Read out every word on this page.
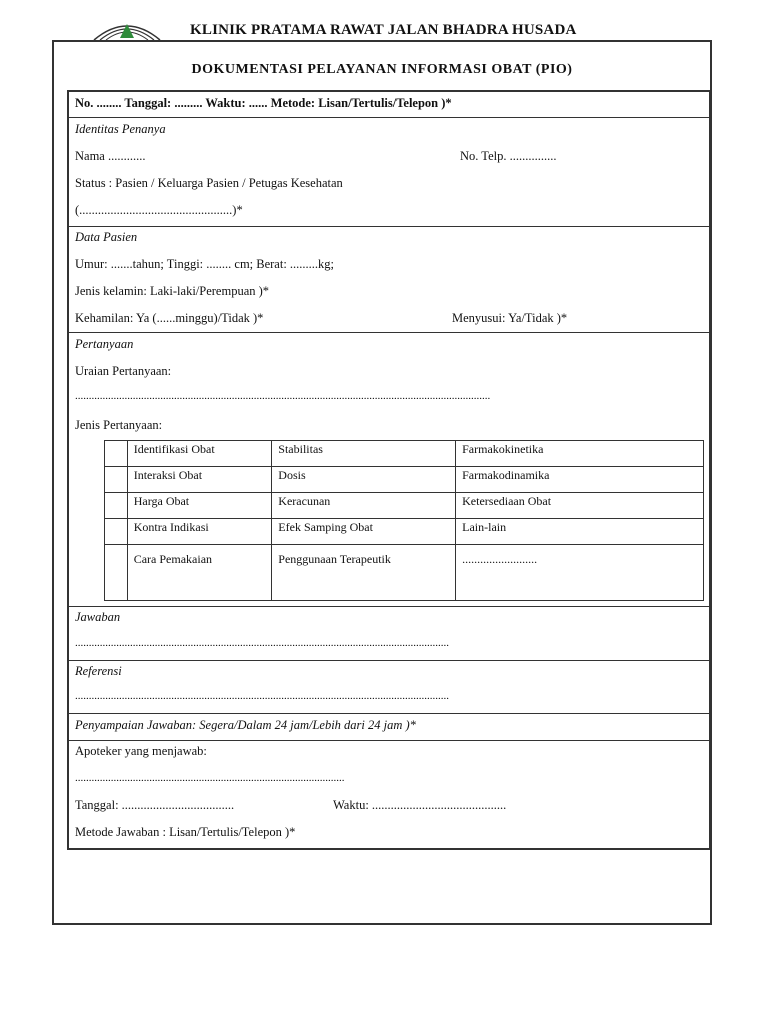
KLINIK PRATAMA RAWAT JALAN BHADRA HUSADA
DOKUMENTASI PELAYANAN INFORMASI OBAT (PIO)
No. ........ Tanggal: ......... Waktu: ...... Metode: Lisan/Tertulis/Telepon )*
Identitas Penanya
Nama ............	No. Telp. ...............
Status : Pasien / Keluarga Pasien / Petugas Kesehatan
(.................................................)*
Data Pasien
Umur: .......tahun; Tinggi: ........ cm; Berat: .........kg;
Jenis kelamin: Laki-laki/Perempuan )*
Kehamilan: Ya (......minggu)/Tidak )*	Menyusui: Ya/Tidak )*
Pertanyaan
Uraian Pertanyaan:
.......................................................................................................................................................
Jenis Pertanyaan:
	Identifikasi Obat	Stabilitas	Farmakokinetika
	Interaksi Obat	Dosis	Farmakodinamika
	Harga Obat	Keracunan	Ketersediaan Obat
	Kontra Indikasi	Efek Samping Obat	Lain-lain
	Cara Pemakaian	Penggunaan Terapeutik	.........................
Jawaban
........................................................................................................................................
Referensi
........................................................................................................................................
Penyampaian Jawaban: Segera/Dalam 24 jam/Lebih dari 24 jam )*
Apoteker yang menjawab:
..................................................................................................
Tanggal: ....................................	Waktu: ...........................................
Metode Jawaban : Lisan/Tertulis/Telepon )*
